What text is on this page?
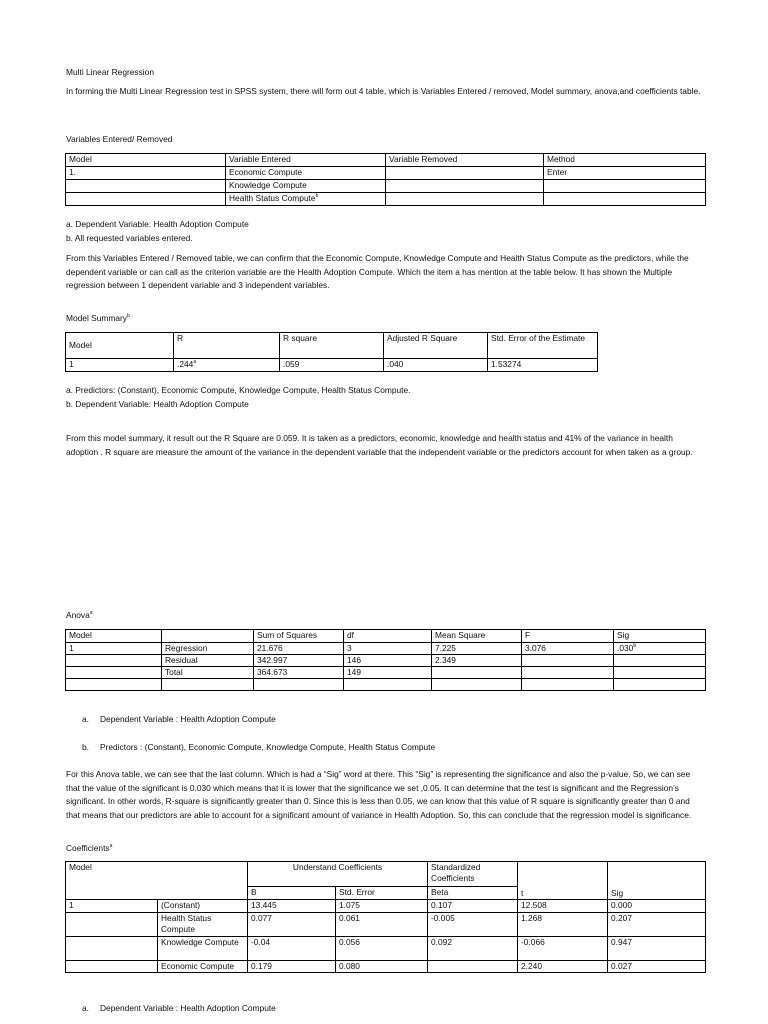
Multi Linear Regression
In forming the Multi Linear Regression test in SPSS system, there will form out 4 table, which is Variables Entered / removed, Model summary, anova,and coefficients table.
Variables Entered/ Removed
Model	Variable Entered	Variable Removed	Method
1.	Economic Compute		Enter
	Knowledge Compute		
	Health Status Compute$^b$		
a. Dependent Variable: Health Adoption Compute
b. All requested variables entered.
From this Variables Entered / Removed table, we can confirm that the Economic Compute, Knowledge Compute and Health Status Compute as the predictors, while the dependent variable or can call as the criterion variable are the Health Adoption Compute. Which the item a has mention at the table below. It has shown the Multiple regression between 1 dependent variable and 3 independent variables.
Model Summary$^b$
Model	R	R square	Adjusted R Square	Std. Error of the Estimate
1	.244$^a$	.059	.040	1.53274
a. Predictors: (Constant), Economic Compute, Knowledge Compute, Health Status Compute.
b. Dependent Variable: Health Adoption Compute
From this model summary, it result out the R Square are 0.059. It is taken as a predictors, economic, knowledge and health status and 41% of the variance in health adoption . R square are measure the amount of the variance in the dependent variable that the independent variable or the predictors account for when taken as a group.
Anova$^a$
Model		Sum of Squares	df	Mean Square	F	Sig
1	Regression	21.676	3	7.225	3.076	.030$^b$
	Residual	342.997	146	2.349		
	Total	364.673	149			

a. Dependent Variable : Health Adoption Compute
b. Predictors : (Constant), Economic Compute, Knowledge Compute, Health Status Compute
For this Anova table, we can see that the last column. Which is had a “Sig” word at there. This “Sig” is representing the significance and also the p-value. So, we can see that the value of the significant is 0.030 which means that it is lower that the significance we set ,0.05. It can determine that the test is significant and the Regression’s significant. In other words, R-square is significantly greater than 0. Since this is less than 0.05, we can know that this value of R square is significantly greater than 0 and that means that our predictors are able to account for a significant amount of variance in Health Adoption. So, this can conclude that the regression model is significance.
Coefficients$^a$
Model		Understand Coefficients		Standardized Coefficients	t	Sig
		B	Std. Error	Beta		
1	(Constant)	13.445	1.075	0.107	12.508	0.000
	Health Status Compute	0.077	0.061	-0.005	1.268	0.207
	Knowledge Compute	-0.04	0.056	0.092	-0.066	0.947
	Economic Compute	0.179	0.080		2.240	0.027
a. Dependent Variable : Health Adoption Compute
